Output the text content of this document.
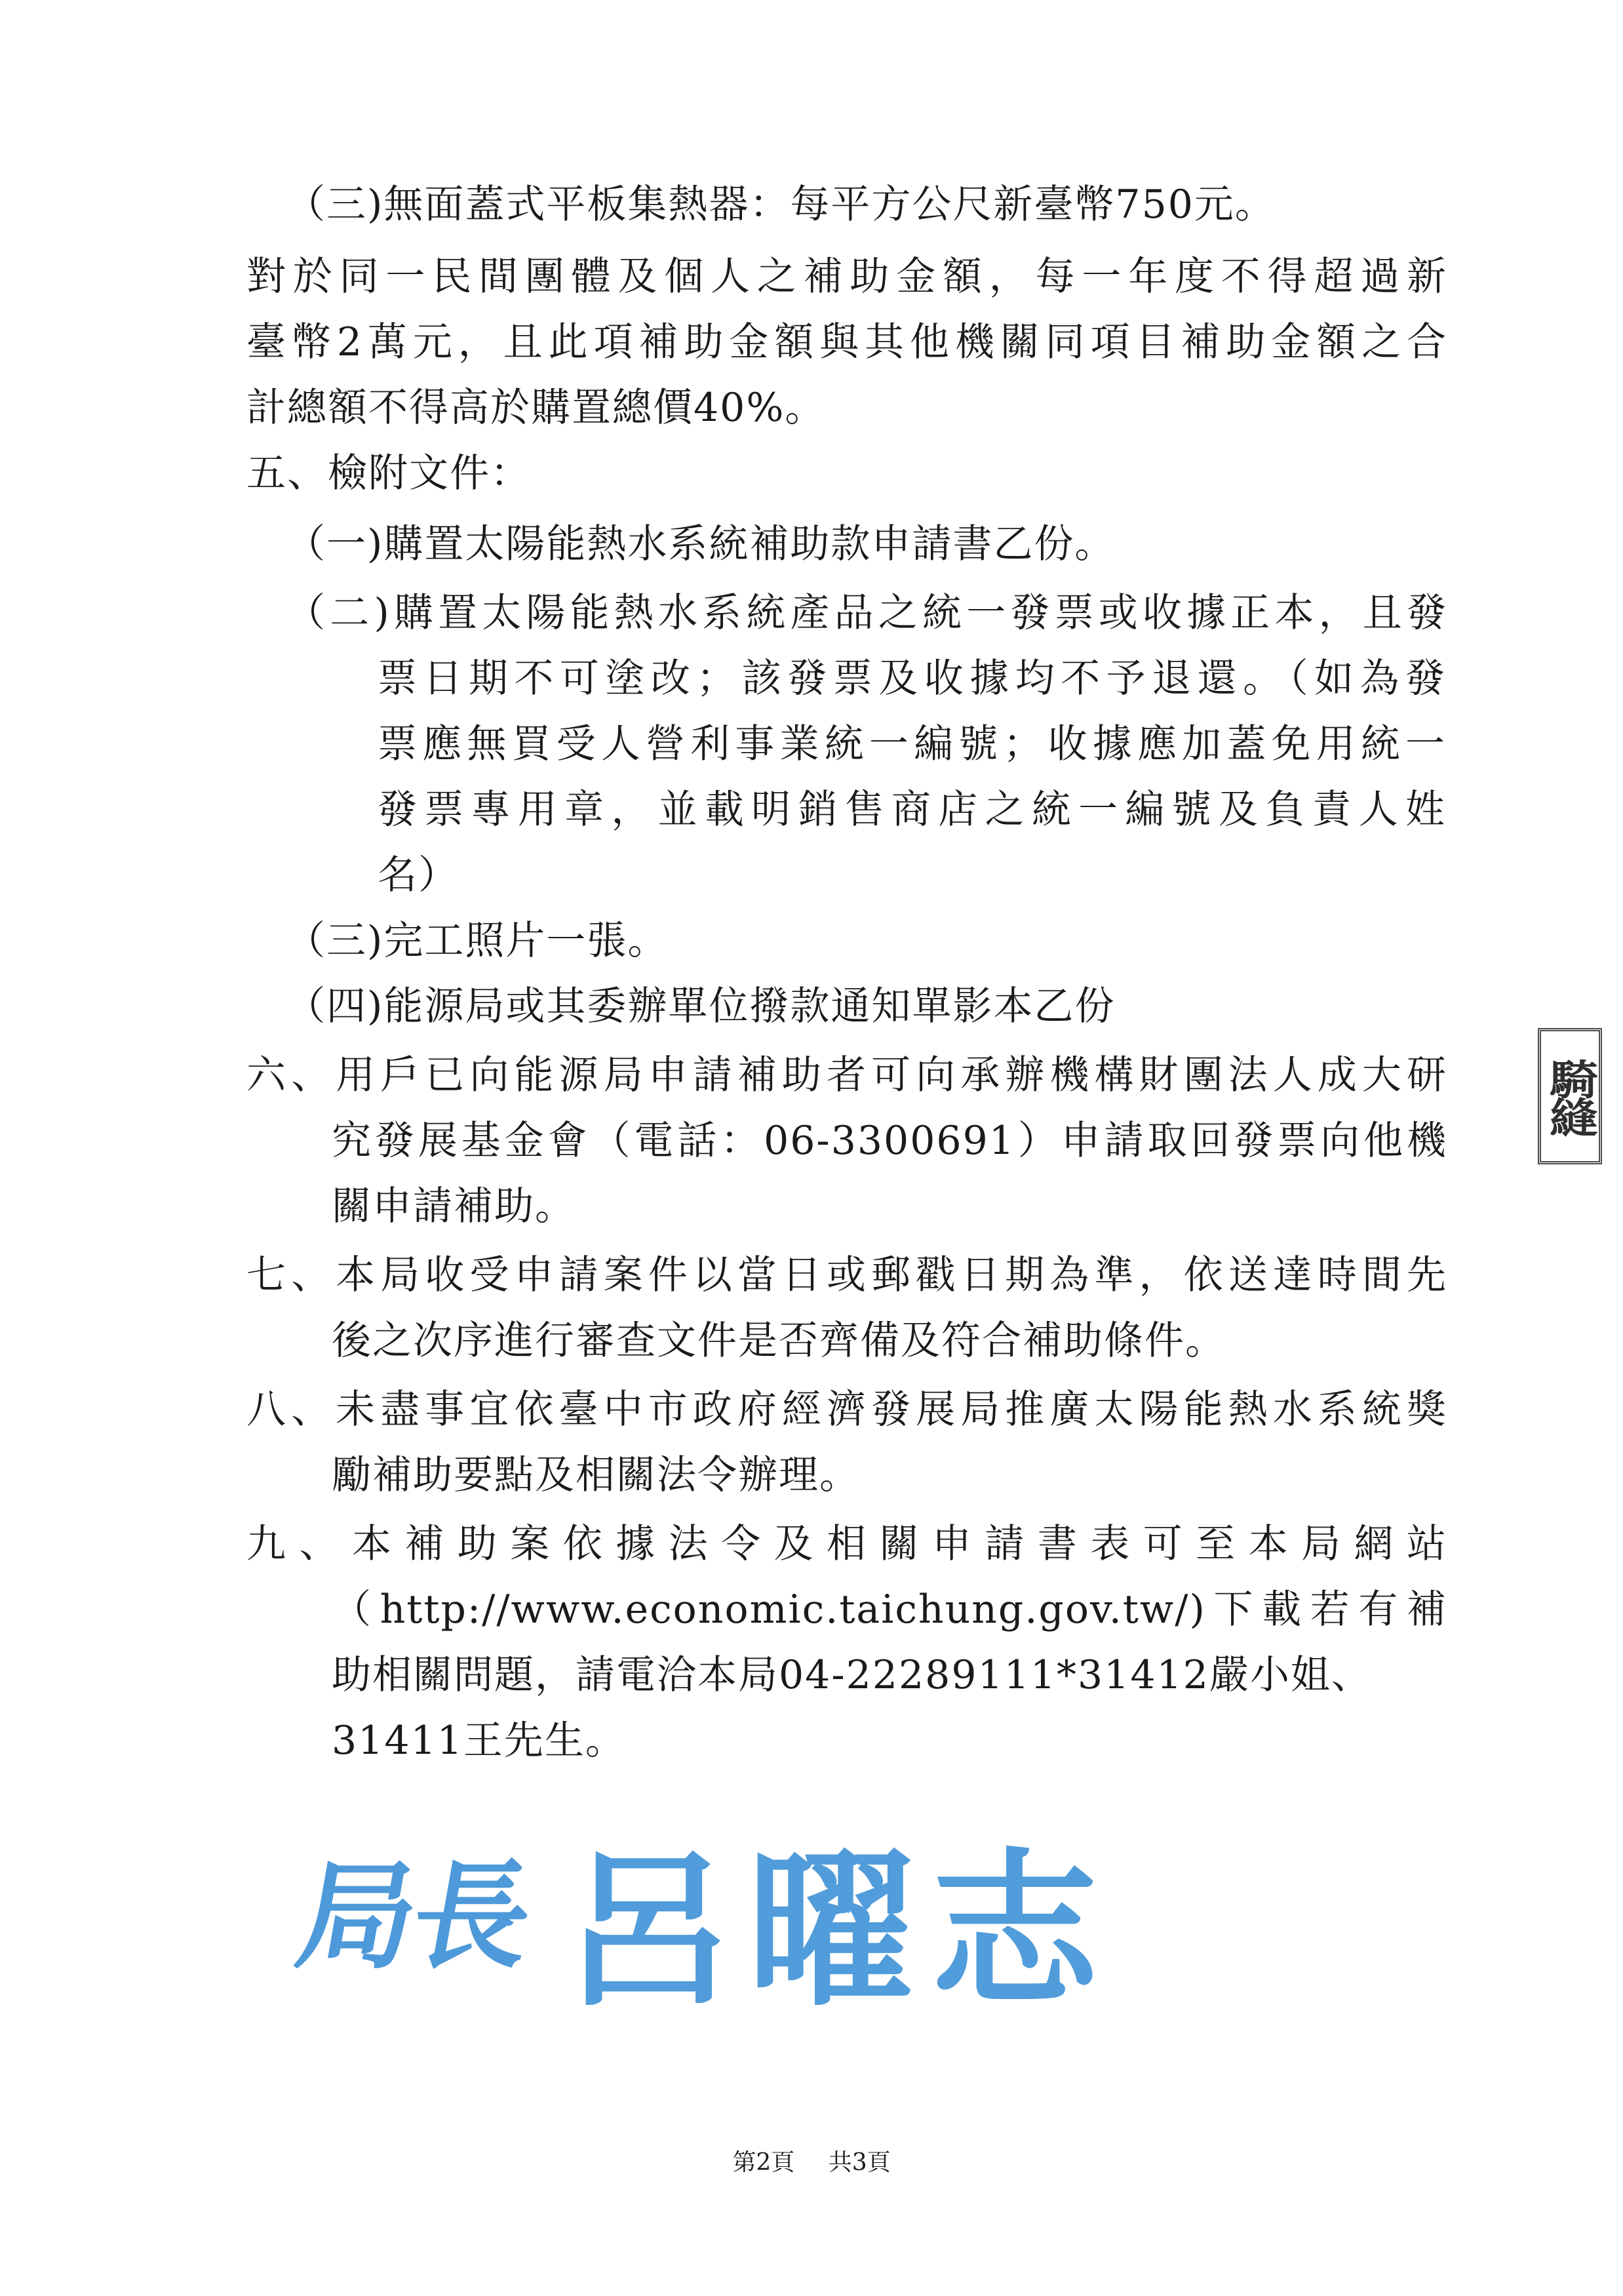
（三)無面蓋式平板集熱器：每平方公尺新臺幣750元。
對於同一民間團體及個人之補助金額，每一年度不得超過新
臺幣2萬元，且此項補助金額與其他機關同項目補助金額之合
計總額不得高於購置總價40%。
五、檢附文件：
（一)購置太陽能熱水系統補助款申請書乙份。
（二)購置太陽能熱水系統產品之統一發票或收據正本，且發
票日期不可塗改；該發票及收據均不予退還。（如為發
票應無買受人營利事業統一編號；收據應加蓋免用統一
發票專用章，並載明銷售商店之統一編號及負責人姓
名）
（三)完工照片一張。
（四)能源局或其委辦單位撥款通知單影本乙份
六、用戶已向能源局申請補助者可向承辦機構財團法人成大研
究發展基金會（電話：06-3300691）申請取回發票向他機
關申請補助。
七、本局收受申請案件以當日或郵戳日期為準，依送達時間先
後之次序進行審查文件是否齊備及符合補助條件。
八、未盡事宜依臺中市政府經濟發展局推廣太陽能熱水系統獎
勵補助要點及相關法令辦理。
九、本補助案依據法令及相關申請書表可至本局網站
（http://www.economic.taichung.gov.tw/)下載若有補
助相關問題，請電洽本局04-22289111*31412嚴小姐、
31411王先生。
騎縫
局長 呂曜志
第2頁 共3頁
